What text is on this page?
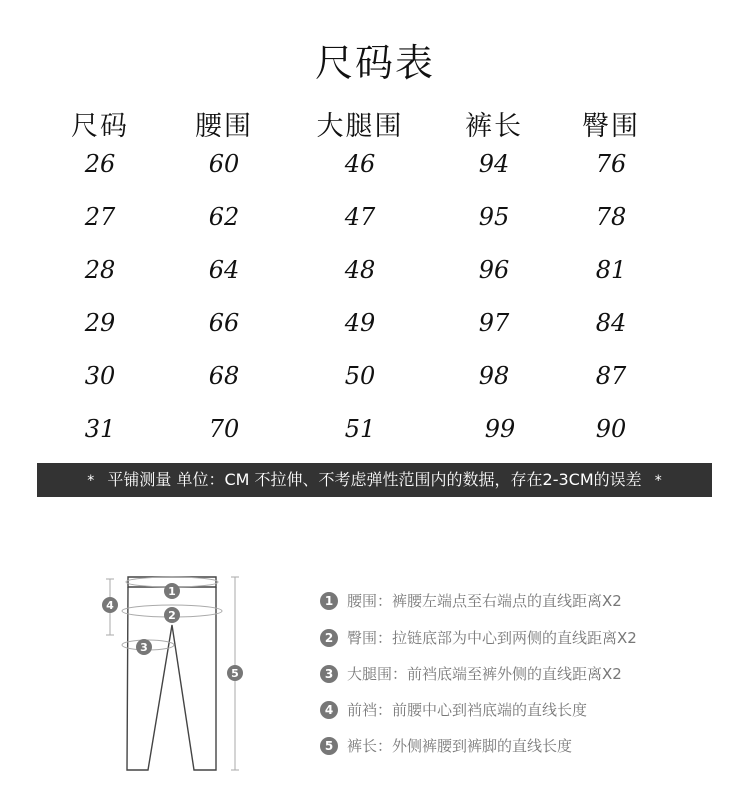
尺码表
尺码 腰围 大腿围 裤长 臀围
26	60	46	94	76
27	62	47	95	78
28	64	48	96	81
29	66	49	97	84
30	68	50	98	87
31	70	51	99	90
* 平铺测量 单位：CM 不拉伸、不考虑弹性范围内的数据，存在2-3CM的误差 *
1
2
3
4
5
1 腰围：裤腰左端点至右端点的直线距离X2
2 臀围：拉链底部为中心到两侧的直线距离X2
3 大腿围：前裆底端至裤外侧的直线距离X2
4 前裆：前腰中心到裆底端的直线长度
5 裤长：外侧裤腰到裤脚的直线长度
